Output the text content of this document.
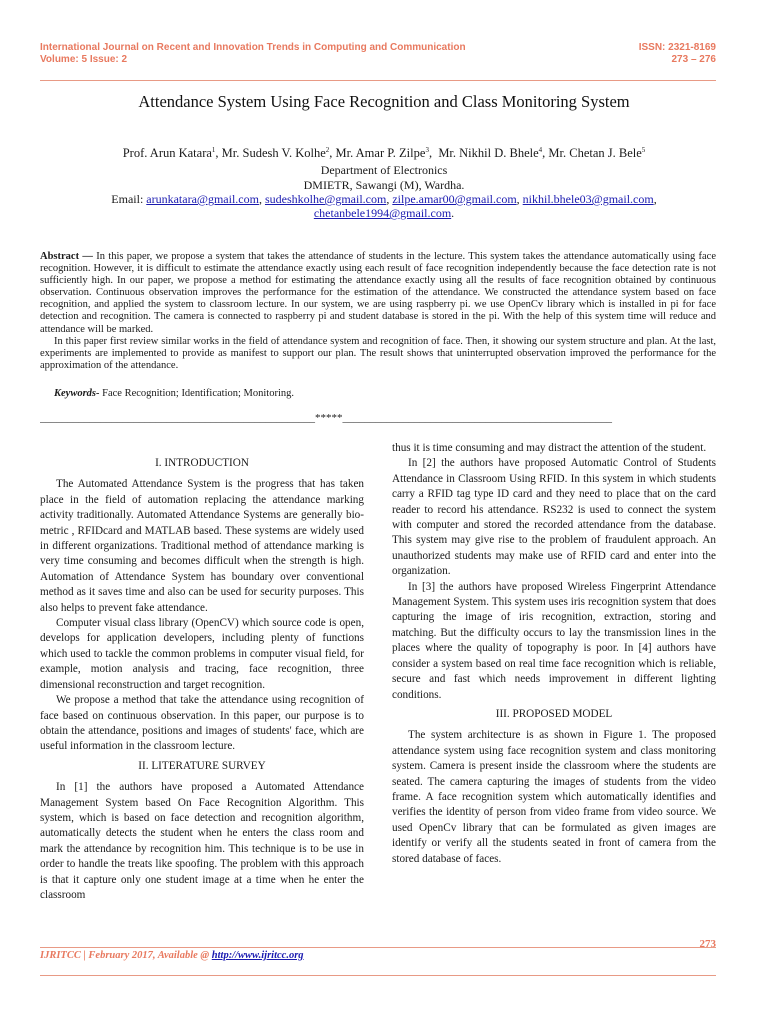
International Journal on Recent and Innovation Trends in Computing and Communication
Volume: 5 Issue: 2
ISSN: 2321-8169
273 – 276
Attendance System Using Face Recognition and Class Monitoring System
Prof. Arun Katara$^1$, Mr. Sudesh V. Kolhe$^2$, Mr. Amar P. Zilpe$^3$,  Mr. Nikhil D. Bhele$^4$, Mr. Chetan J. Bele$^5$
Department of Electronics
DMIETR, Sawangi (M), Wardha.
Email: arunkatara@gmail.com, sudeshkolhe@gmail.com, zilpe.amar00@gmail.com, nikhil.bhele03@gmail.com,
chetanbele1994@gmail.com.

Abstract — In this paper, we propose a system that takes the attendance of students in the lecture. This system takes the attendance automatically using face recognition. However, it is difficult to estimate the attendance exactly using each result of face recognition independently because the face detection rate is not sufficiently high. In our paper, we propose a method for estimating the attendance exactly using all the results of face recognition obtained by continuous observation. Continuous observation improves the performance for the estimation of the attendance. We constructed the attendance system based on face recognition, and applied the system to classroom lecture. In our system, we are using raspberry pi. we use OpenCv library which is installed in pi for face detection and recognition. The camera is connected to raspberry pi and student database is stored in the pi. With the help of this system time will reduce and attendance will be marked.

In this paper first review similar works in the field of attendance system and recognition of face. Then, it showing our system structure and plan. At the last, experiments are implemented to provide as manifest to support our plan. The result shows that uninterrupted observation improved the performance for the approximation of the attendance.

Keywords- Face Recognition; Identification; Monitoring.
__________________________________________________*****_________________________________________________

I. INTRODUCTION

The Automated Attendance System is the progress that has taken place in the field of automation replacing the attendance marking activity traditionally. Automated Attendance Systems are generally bio-metric , RFIDcard and MATLAB based. These systems are widely used in different organizations. Traditional method of attendance marking is very time consuming and becomes difficult when the strength is high. Automation of Attendance System has boundary over conventional method as it saves time and also can be used for security purposes. This also helps to prevent fake attendance.

Computer visual class library (OpenCV) which source code is open, develops for application developers, including plenty of functions which used to tackle the common problems in computer visual field, for example, motion analysis and tracing, face recognition, three dimensional reconstruction and target recognition.

We propose a method that take the attendance using recognition of face based on continuous observation. In this paper, our purpose is to obtain the attendance, positions and images of students' face, which are useful information in the classroom lecture.

II. LITERATURE SURVEY

In [1] the authors have proposed a Automated Attendance Management System based On Face Recognition Algorithm. This system, which is based on face detection and recognition algorithm, automatically detects the student when he enters the class room and mark the attendance by recognition him. This technique is to be use in order to handle the treats like spoofing. The problem with this approach is that it capture only one student image at a time when he enter the classroom

thus it is time consuming and may distract the attention of the student.

In [2] the authors have proposed Automatic Control of Students Attendance in Classroom Using RFID. In this system in which students carry a RFID tag type ID card and they need to place that on the card reader to record his attendance. RS232 is used to connect the system with computer and stored the recorded attendance from the database. This system may give rise to the problem of fraudulent approach. An unauthorized students may make use of RFID card and enter into the organization.

In [3] the authors have proposed Wireless Fingerprint Attendance Management System. This system uses iris recognition system that does capturing the image of iris recognition, extraction, storing and matching. But the difficulty occurs to lay the transmission lines in the places where the quality of topography is poor. In [4] authors have consider a system based on real time face recognition which is reliable, secure and fast which needs improvement in different lighting conditions.

III. PROPOSED MODEL

The system architecture is as shown in Figure 1. The proposed attendance system using face recognition system and class monitoring system. Camera is present inside the classroom where the students are seated. The camera capturing the images of students from the video frame. A face recognition system which automatically identifies and verifies the identity of person from video frame from video source. We used OpenCv library that can be formulated as given images are identify or verify all the students seated in front of camera from the stored database of faces.

273
IJRITCC | February 2017, Available @ http://www.ijritcc.org
